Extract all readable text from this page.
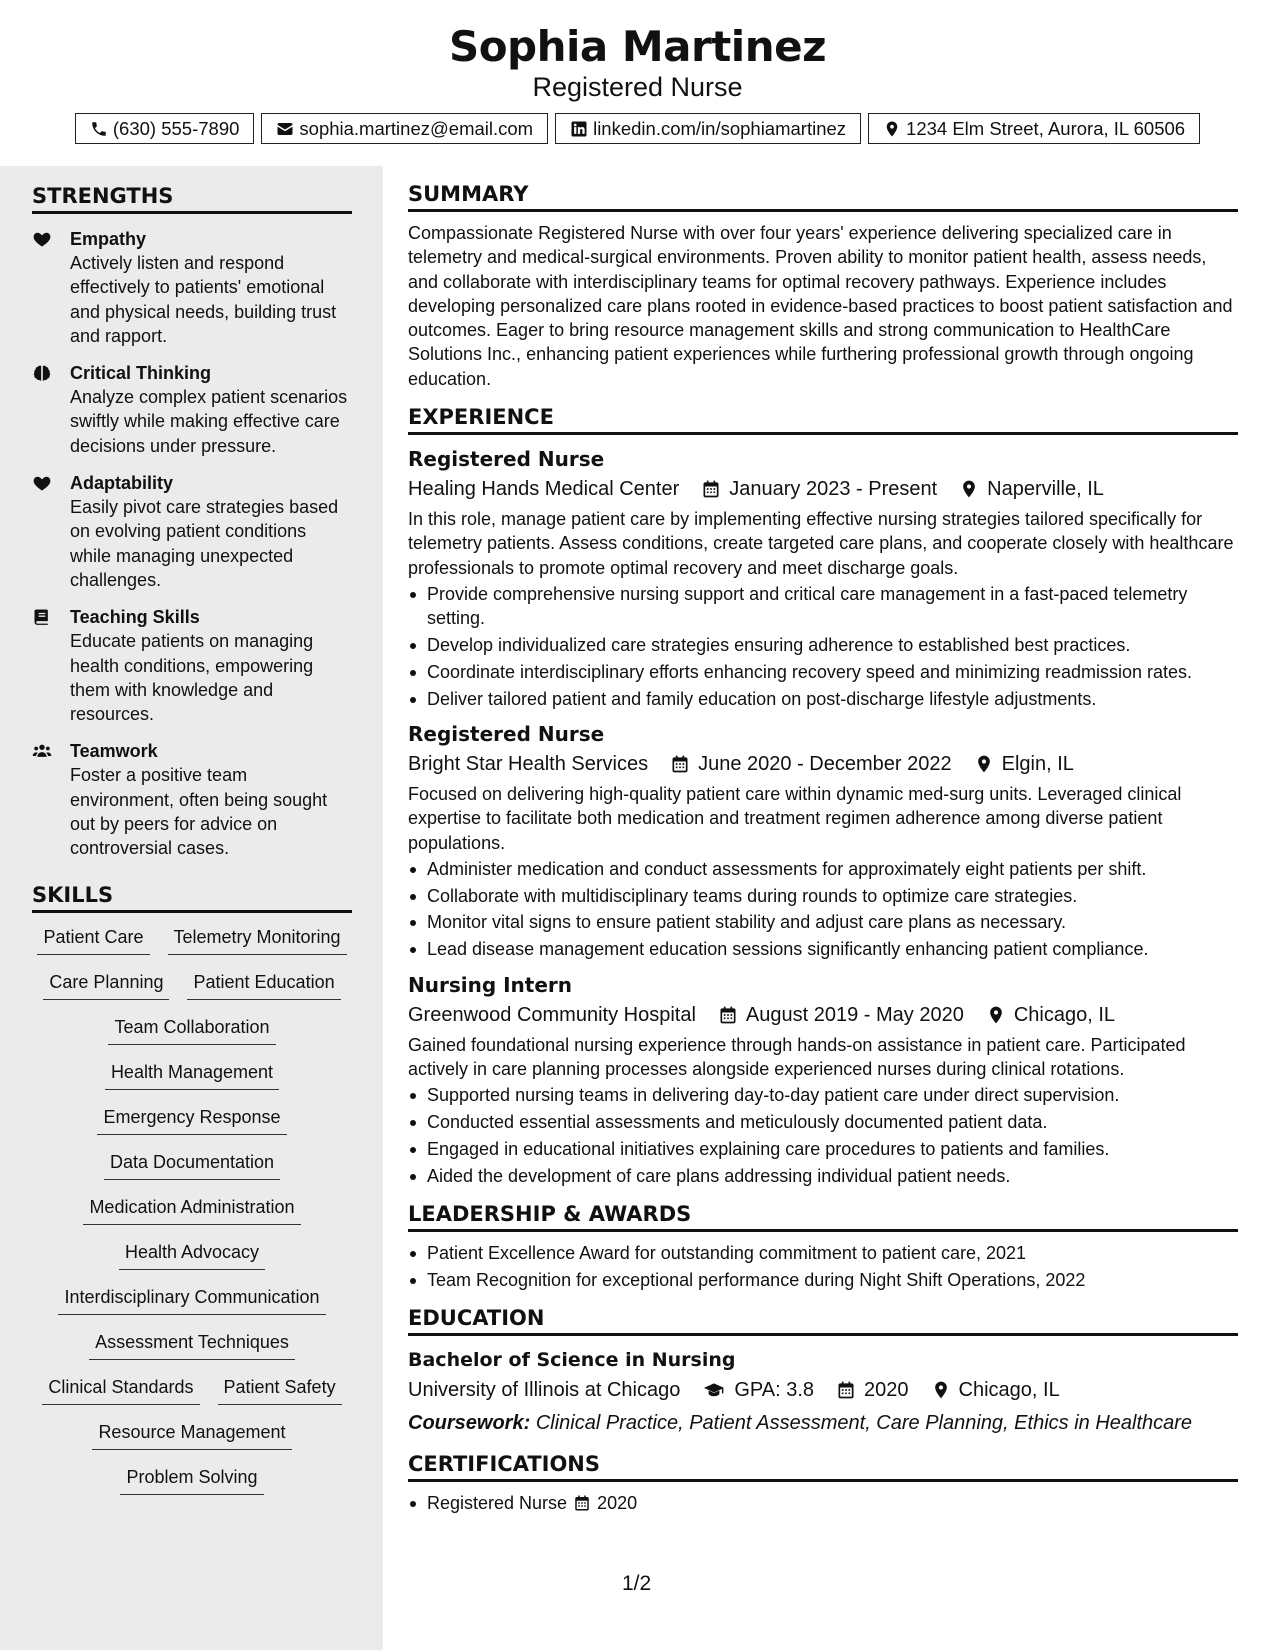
Sophia Martinez
Registered Nurse
(630) 555-7890	sophia.martinez@email.com	linkedin.com/in/sophiamartinez	1234 Elm Street, Aurora, IL 60506
STRENGTHS
Empathy
Actively listen and respond effectively to patients' emotional and physical needs, building trust and rapport.
Critical Thinking
Analyze complex patient scenarios swiftly while making effective care decisions under pressure.
Adaptability
Easily pivot care strategies based on evolving patient conditions while managing unexpected challenges.
Teaching Skills
Educate patients on managing health conditions, empowering them with knowledge and resources.
Teamwork
Foster a positive team environment, often being sought out by peers for advice on controversial cases.
SKILLS
Patient Care	Telemetry Monitoring
Care Planning	Patient Education
Team Collaboration
Health Management
Emergency Response
Data Documentation
Medication Administration
Health Advocacy
Interdisciplinary Communication
Assessment Techniques
Clinical Standards	Patient Safety
Resource Management
Problem Solving
SUMMARY
Compassionate Registered Nurse with over four years' experience delivering specialized care in telemetry and medical-surgical environments. Proven ability to monitor patient health, assess needs, and collaborate with interdisciplinary teams for optimal recovery pathways. Experience includes developing personalized care plans rooted in evidence-based practices to boost patient satisfaction and outcomes. Eager to bring resource management skills and strong communication to HealthCare Solutions Inc., enhancing patient experiences while furthering professional growth through ongoing education.
EXPERIENCE
Registered Nurse
Healing Hands Medical Center	January 2023 - Present	Naperville, IL
In this role, manage patient care by implementing effective nursing strategies tailored specifically for telemetry patients. Assess conditions, create targeted care plans, and cooperate closely with healthcare professionals to promote optimal recovery and meet discharge goals.
Provide comprehensive nursing support and critical care management in a fast-paced telemetry setting.
Develop individualized care strategies ensuring adherence to established best practices.
Coordinate interdisciplinary efforts enhancing recovery speed and minimizing readmission rates.
Deliver tailored patient and family education on post-discharge lifestyle adjustments.
Registered Nurse
Bright Star Health Services	June 2020 - December 2022	Elgin, IL
Focused on delivering high-quality patient care within dynamic med-surg units. Leveraged clinical expertise to facilitate both medication and treatment regimen adherence among diverse patient populations.
Administer medication and conduct assessments for approximately eight patients per shift.
Collaborate with multidisciplinary teams during rounds to optimize care strategies.
Monitor vital signs to ensure patient stability and adjust care plans as necessary.
Lead disease management education sessions significantly enhancing patient compliance.
Nursing Intern
Greenwood Community Hospital	August 2019 - May 2020	Chicago, IL
Gained foundational nursing experience through hands-on assistance in patient care. Participated actively in care planning processes alongside experienced nurses during clinical rotations.
Supported nursing teams in delivering day-to-day patient care under direct supervision.
Conducted essential assessments and meticulously documented patient data.
Engaged in educational initiatives explaining care procedures to patients and families.
Aided the development of care plans addressing individual patient needs.
LEADERSHIP & AWARDS
Patient Excellence Award for outstanding commitment to patient care, 2021
Team Recognition for exceptional performance during Night Shift Operations, 2022
EDUCATION
Bachelor of Science in Nursing
University of Illinois at Chicago	GPA: 3.8	2020	Chicago, IL
Coursework: Clinical Practice, Patient Assessment, Care Planning, Ethics in Healthcare
CERTIFICATIONS
Registered Nurse 2020
1/2
